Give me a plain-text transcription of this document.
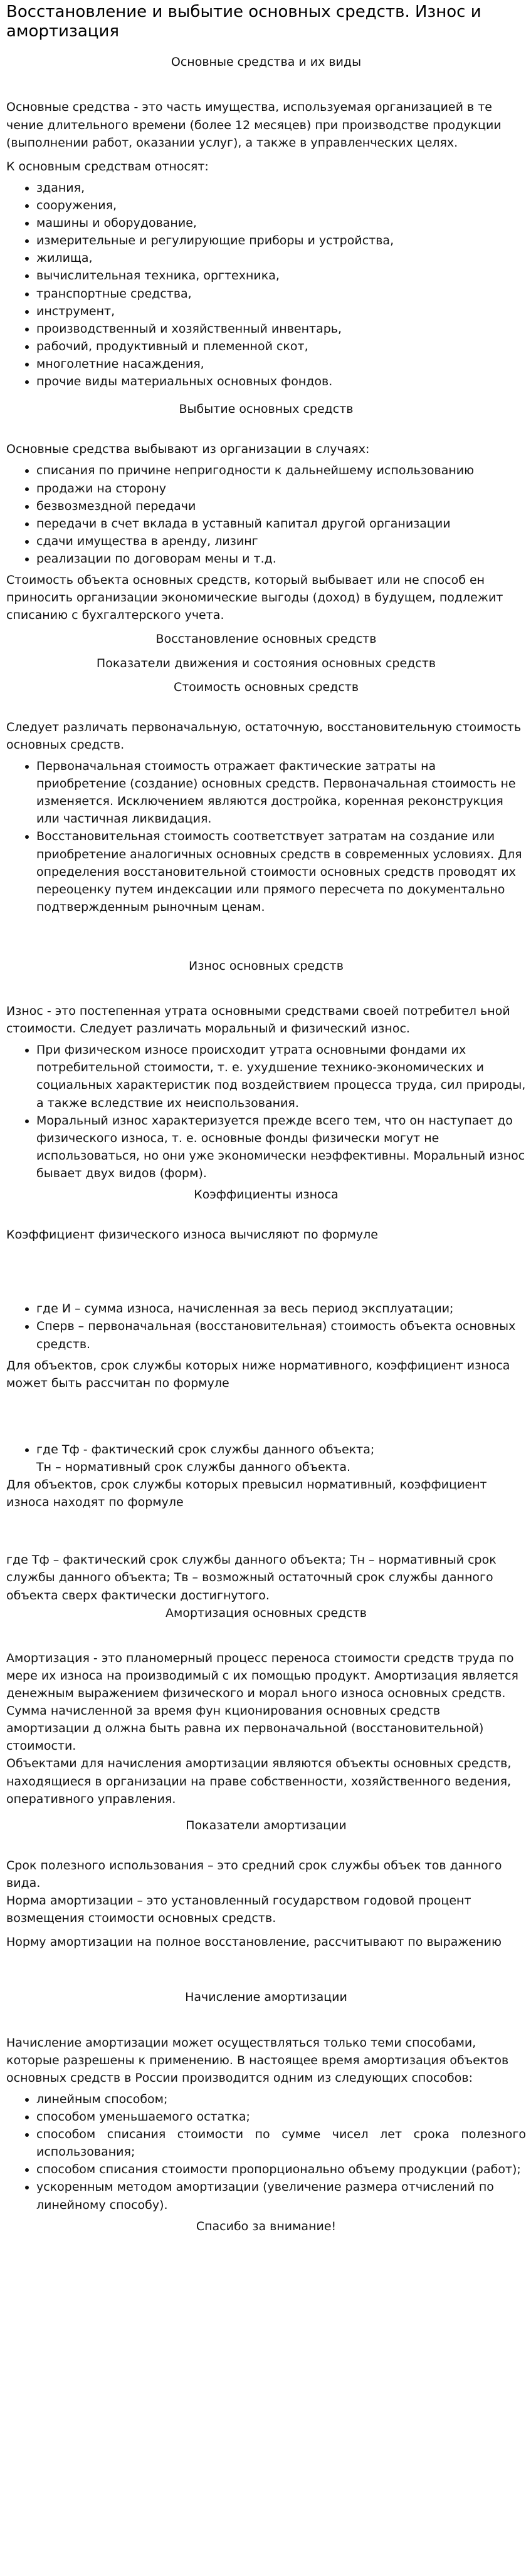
Восстановление и выбытие основных средств. Износ и амортизация

Основные средства и их виды

Основные средства - это часть имущества, используемая организацией в те чение длительного времени (более 12 месяцев) при производстве продукции (выполнении работ, оказании услуг), а также в управленческих целях.

К основным средствам относят:

• здания,
• сооружения,
• машины и оборудование,
• измерительные и регулирующие приборы и устройства,
• жилища,
• вычислительная техника, оргтехника,
• транспортные средства,
• инструмент,
• производственный и хозяйственный инвентарь,
• рабочий, продуктивный и племенной скот,
• многолетние насаждения,
• прочие виды материальных основных фондов.

Выбытие основных средств

Основные средства выбывают из организации в случаях:

• списания по причине непригодности к дальнейшему использованию
• продажи на сторону
• безвозмездной передачи
• передачи в счет вклада в уставный капитал другой организации
• сдачи имущества в аренду, лизинг
• реализации по договорам мены и т.д.

Стоимость объекта основных средств, который выбывает или не способ ен приносить организации экономические выгоды (доход) в будущем, подлежит списанию с бухгалтерского учета.

Восстановление основных средств

Показатели движения и состояния основных средств

Стоимость основных средств

Следует различать первоначальную, остаточную, восстановительную стоимость основных средств.

• Первоначальная стоимость отражает фактические затраты на приобретение (создание) основных средств. Первоначальная стоимость не изменяется. Исключением являются достройка, коренная реконструкция или частичная ликвидация.
• Восстановительная стоимость соответствует затратам на создание или приобретение аналогичных основных средств в современных условиях. Для определения восстановительной стоимости основных средств проводят их переоценку путем индексации или прямого пересчета по документально подтвержденным рыночным ценам.

Износ основных средств

Износ - это постепенная утрата основными средствами своей потребител ьной стоимости. Следует различать моральный и физический износ.

• При физическом износе происходит утрата основными фондами их потребительной стоимости, т. е. ухудшение технико-экономических и социальных характеристик под воздействием процесса труда, сил природы, а также вследствие их неиспользования.
• Моральный износ характеризуется прежде всего тем, что он наступает до физического износа, т. е. основные фонды физически могут не использоваться, но они уже экономически неэффективны. Моральный износ бывает двух видов (форм).

Коэффициенты износа

Коэффициент физического износа вычисляют по формуле

• где И – сумма износа, начисленная за весь период эксплуатации;
• Сперв – первоначальная (восстановительная) стоимость объекта основных средств.

Для объектов, срок службы которых ниже нормативного, коэффициент износа может быть рассчитан по формуле

• где Тф - фактический срок службы данного объекта;

Тн – нормативный срок службы данного объекта.

Для объектов, срок службы которых превысил нормативный, коэффициент износа находят по формуле

где Тф – фактический срок службы данного объекта; Тн – нормативный срок службы данного объекта; Тв – возможный остаточный срок службы данного объекта сверх фактически достигнутого.

Амортизация основных средств

Амортизация - это планомерный процесс переноса стоимости средств труда по мере их износа на производимый с их помощью продукт. Амортизация является денежным выражением физического и морал ьного износа основных средств. Сумма начисленной за время фун кционирования основных средств амортизации д олжна быть равна их первоначальной (восстановительной) стоимости.

Объектами для начисления амортизации являются объекты основных средств, находящиеся в организации на праве собственности, хозяйственного ведения, оперативного управления.

Показатели амортизации

Срок полезного использования – это средний срок службы объек тов данного вида.

Норма амортизации – это установленный государством годовой процент возмещения стоимости основных средств.

Норму амортизации на полное восстановление, рассчитывают по выражению

Начисление амортизации

Начисление амортизации может осуществляться только теми способами, которые разрешены к применению. В настоящее время амортизация объектов основных средств в России производится одним из следующих способов:

• линейным способом;
• способом уменьшаемого остатка;
• способом списания стоимости по сумме чисел лет срока полезного использования;
• способом списания стоимости пропорционально объему продукции (работ);
• ускоренным методом амортизации (увеличение размера отчислений по линейному способу).

Спасибо за внимание!
